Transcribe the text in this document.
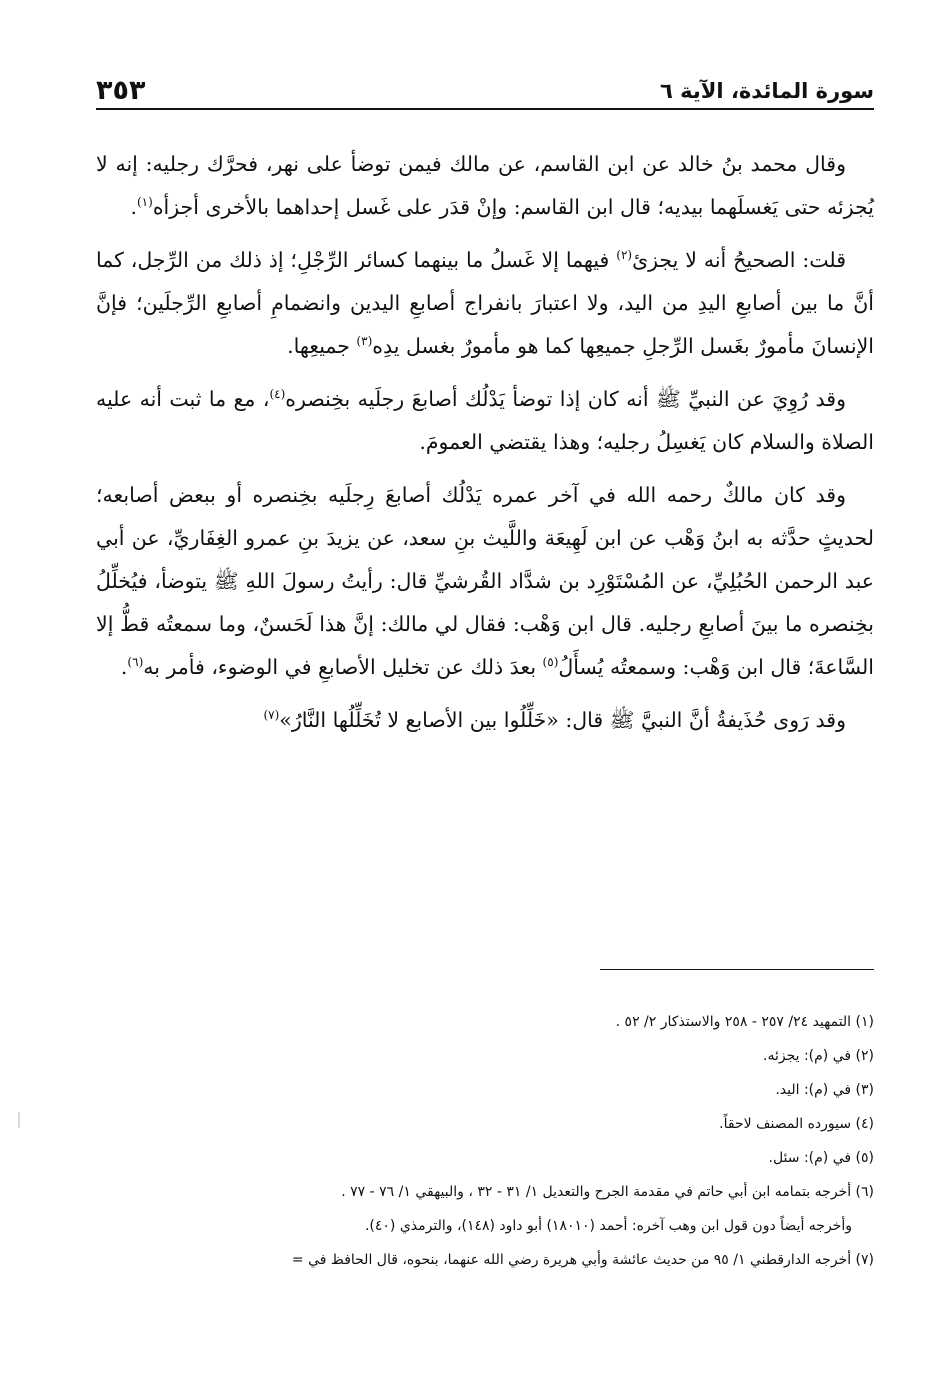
سورة المائدة، الآية ٦
٣٥٣

وقال محمد بنُ خالد عن ابن القاسم، عن مالك فيمن توضأ على نهر، فحرَّك رجليه: إنه لا يُجزئه حتى يَغسلَهما بيديه؛ قال ابن القاسم: وإنْ قدَر على غَسل إحداهما بالأخرى أجزأه$^{(١)}$.

قلت: الصحيحُ أنه لا يجزئ$^{(٢)}$ فيهما إلا غَسلُ ما بينهما كسائر الرِّجْلِ؛ إذ ذلك من الرِّجل، كما أنَّ ما بين أصابعِ اليدِ من اليد، ولا اعتبارَ بانفراج أصابعِ اليدين وانضمامِ أصابعِ الرِّجلَين؛ فإنَّ الإنسانَ مأمورٌ بغَسل الرِّجلِ جميعِها كما هو مأمورٌ بغسل يدِه$^{(٣)}$ جميعِها.

وقد رُوِيَ عن النبيِّ ﷺ أنه كان إذا توضأ يَدْلُك أصابعَ رجلَيه بخِنصره$^{(٤)}$، مع ما ثبت أنه عليه الصلاة والسلام كان يَغسِلُ رجليه؛ وهذا يقتضي العمومَ.

وقد كان مالكٌ رحمه الله في آخر عمره يَدْلُك أصابعَ رِجلَيه بخِنصره أو ببعض أصابعه؛ لحديثٍ حدَّثه به ابنُ وَهْب عن ابن لَهِيعَة واللَّيث بنِ سعد، عن يزيدَ بنِ عمرو الغِفَاريِّ، عن أبي عبد الرحمن الحُبُلِيِّ، عن المُسْتَوْرِد بن شدَّاد القُرشيِّ قال: رأيتُ رسولَ اللهِ ﷺ يتوضأ، فيُخلِّلُ بخِنصره ما بينَ أصابعِ رجليه. قال ابن وَهْب: فقال لي مالك: إنَّ هذا لَحَسنٌ، وما سمعتُه قطُّ إلا السَّاعةَ؛ قال ابن وَهْب: وسمعتُه يُسأَلُ$^{(٥)}$ بعدَ ذلك عن تخليل الأصابعِ في الوضوء، فأمر به$^{(٦)}$.

وقد رَوى حُذَيفةُ أنَّ النبيَّ ﷺ قال: «خَلِّلُوا بين الأصابع لا تُخَلِّلُها النَّارُ»$^{(٧)}$

(١) التمهيد ٢٤/ ٢٥٧ - ٢٥٨ والاستذكار ٢/ ٥٢ .

(٢) في (م): يجزئه.

(٣) في (م): اليد.

(٤) سيورده المصنف لاحقاً.

(٥) في (م): سئل.

(٦) أخرجه بتمامه ابن أبي حاتم في مقدمة الجرح والتعديل ١/ ٣١ - ٣٢ ، والبيهقي ١/ ٧٦ - ٧٧ .

وأخرجه أيضاً دون قول ابن وهب آخره: أحمد (١٨٠١٠) أبو داود (١٤٨)، والترمذي (٤٠).

(٧) أخرجه الدارقطني ١/ ٩٥ من حديث عائشة وأبي هريرة رضي الله عنهما، بنحوه، قال الحافظ في =
